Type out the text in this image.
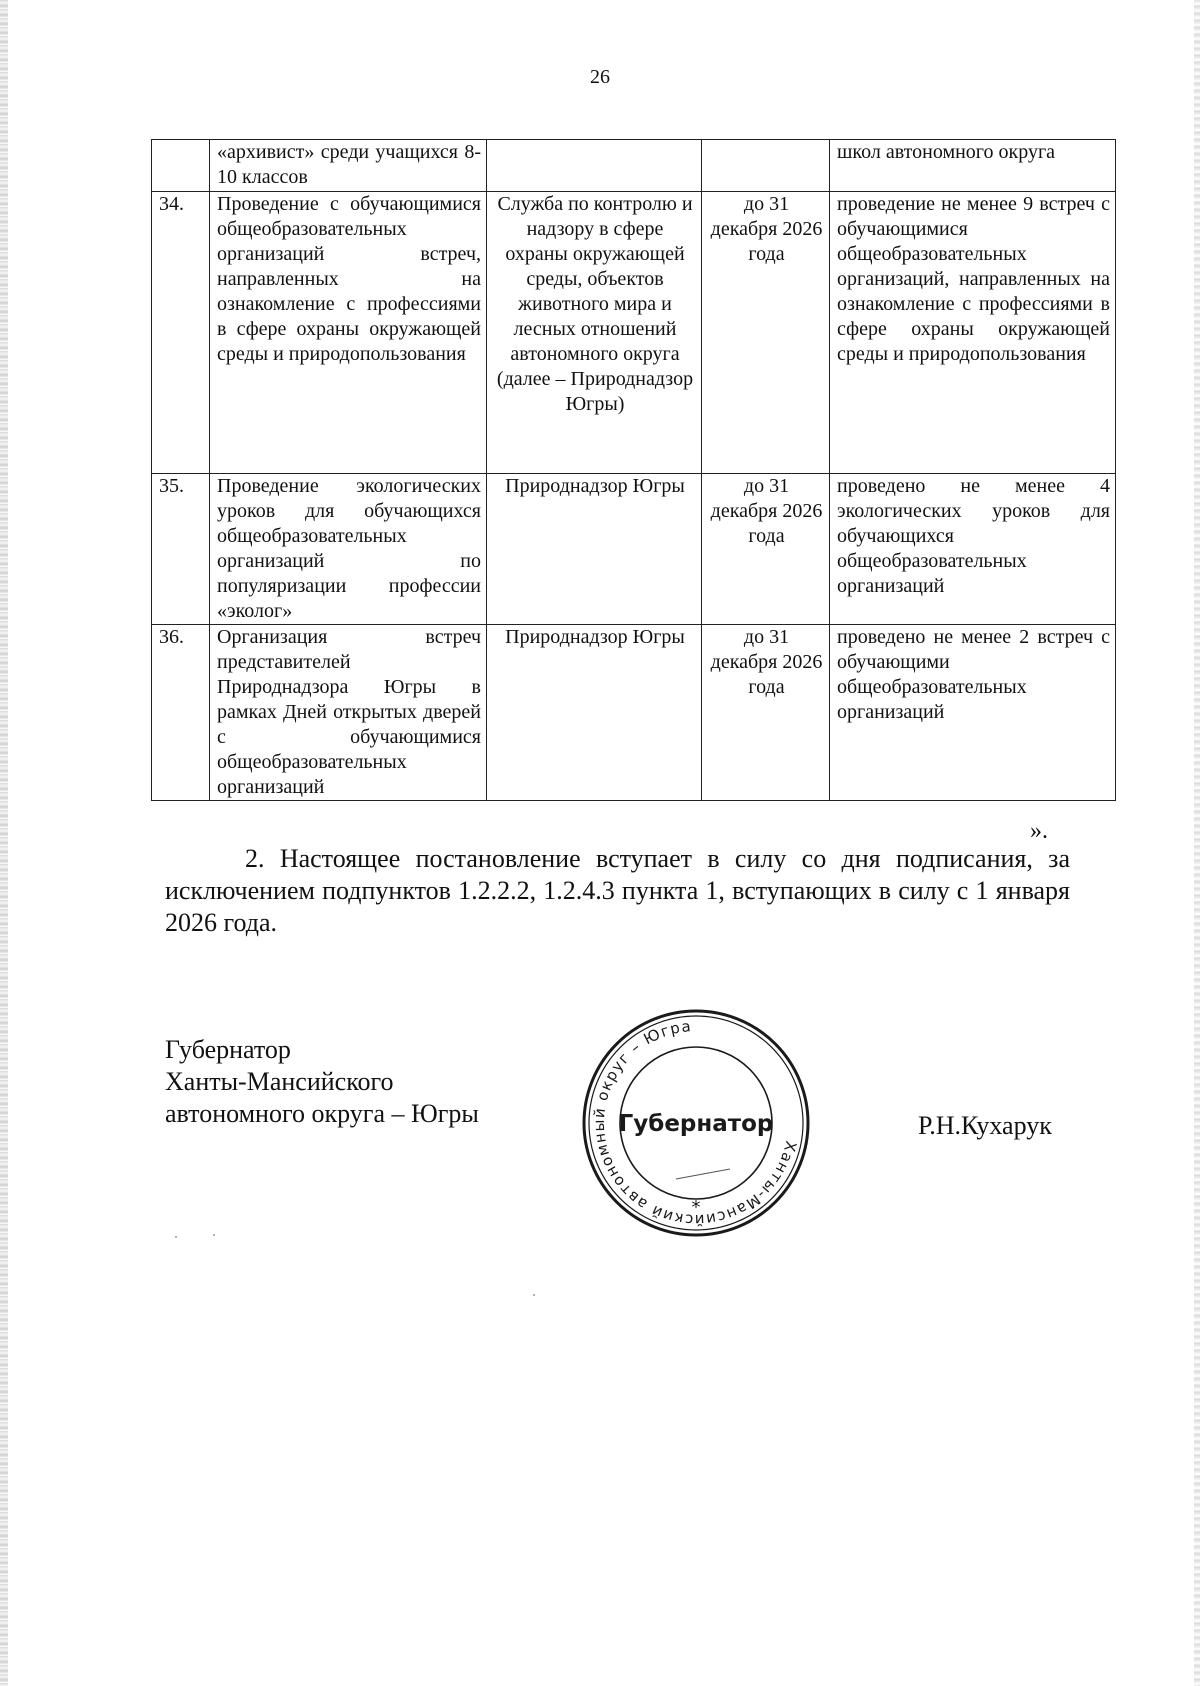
26
	«архивист» среди учащихся 8-10 классов			школ автономного округа
34.	Проведение с обучающимися общеобразовательных организаций встреч, направленных на ознакомление с профессиями в сфере охраны окружающей среды и природопользования	Служба по контролю и надзору в сфере охраны окружающей среды, объектов животного мира и лесных отношений автономного округа (далее – Природнадзор Югры)	до 31 декабря 2026 года	проведение не менее 9 встреч с обучающимися общеобразовательных организаций, направленных на ознакомление с профессиями в сфере охраны окружающей среды и природопользования
35.	Проведение экологических уроков для обучающихся общеобразовательных организаций по популяризации профессии «эколог»	Природнадзор Югры	до 31 декабря 2026 года	проведено не менее 4 экологических уроков для обучающихся общеобразовательных организаций
36.	Организация встреч представителей Природнадзора Югры в рамках Дней открытых дверей с обучающимися общеобразовательных организаций	Природнадзор Югры	до 31 декабря 2026 года	проведено не менее 2 встреч с обучающими общеобразовательных организаций
».
2. Настоящее постановление вступает в силу со дня подписания, за исключением подпунктов 1.2.2.2, 1.2.4.3 пункта 1, вступающих в силу с 1 января 2026 года.
Губернатор
Ханты-Мансийского
автономного округа – Югры
Ханты-Мансийский автономный округ – Югра
Губернатор
*
Р.Н.Кухарук
